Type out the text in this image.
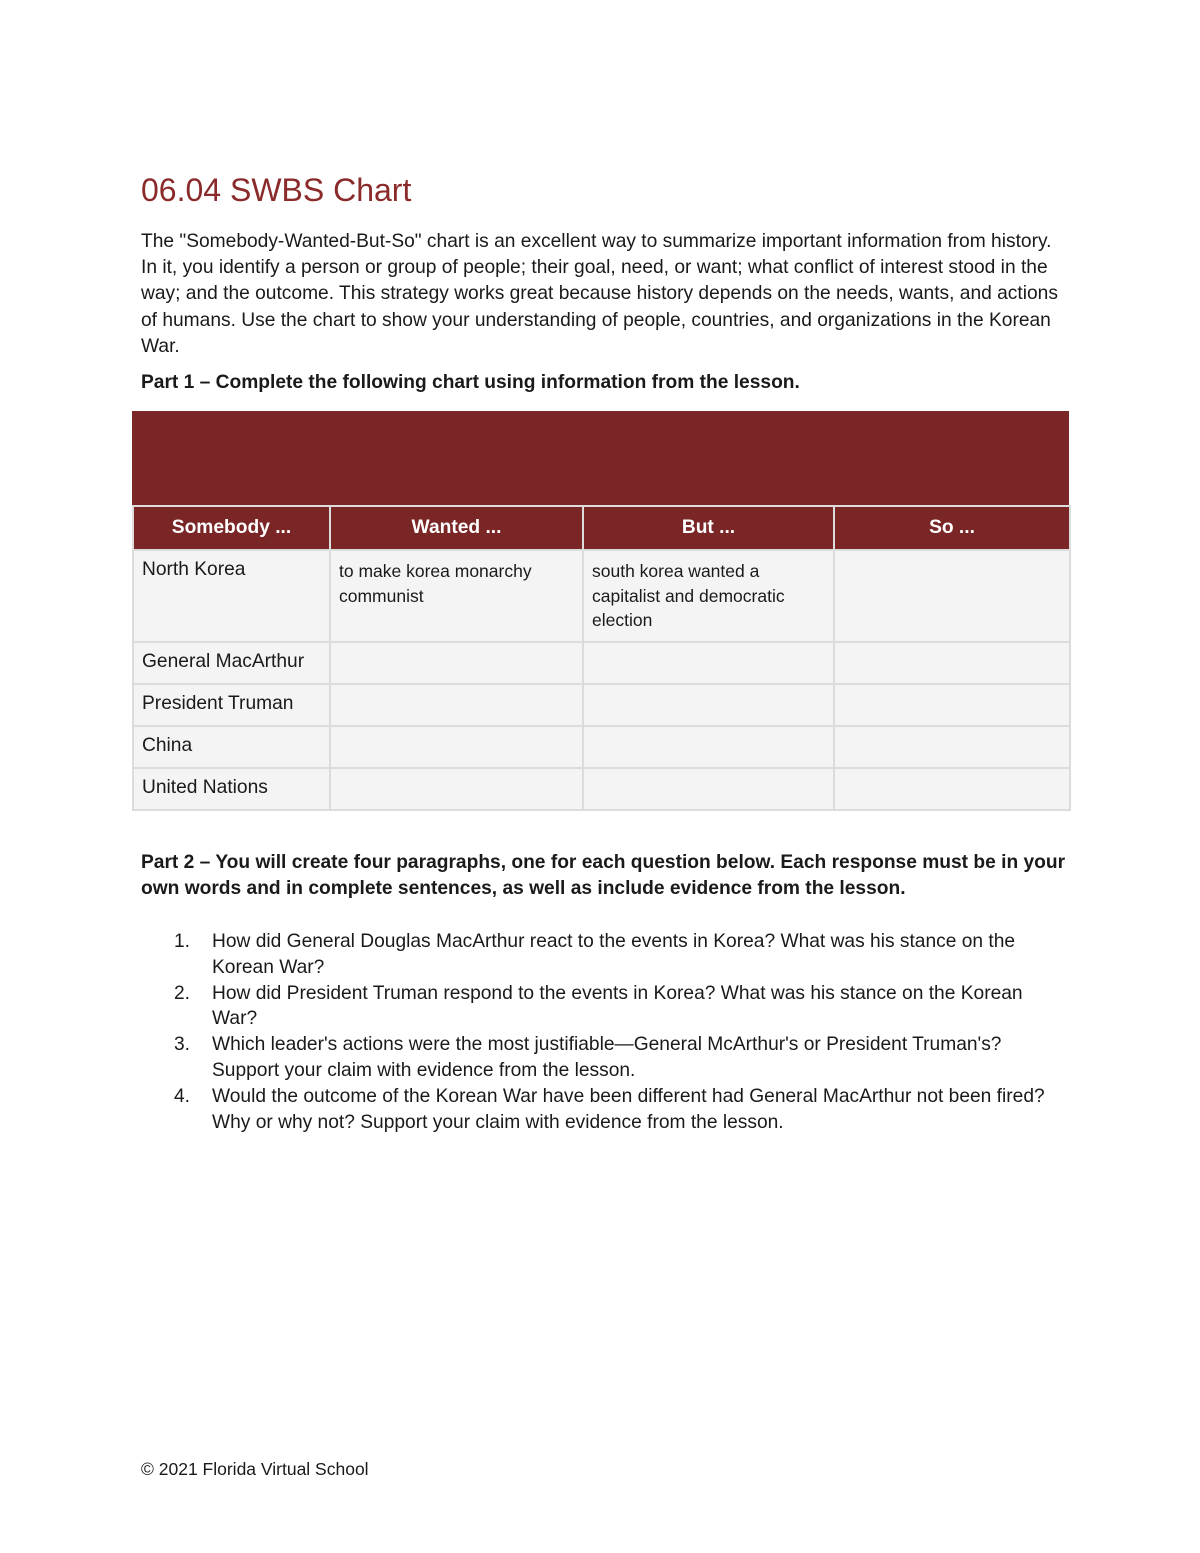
06.04 SWBS Chart

The "Somebody-Wanted-But-So" chart is an excellent way to summarize important information from history. In it, you identify a person or group of people; their goal, need, or want; what conflict of interest stood in the way; and the outcome. This strategy works great because history depends on the needs, wants, and actions of humans. Use the chart to show your understanding of people, countries, and organizations in the Korean War.

Part 1 – Complete the following chart using information from the lesson.

Somebody ...	Wanted ...	But ...	So ...
North Korea	to make korea monarchy communist	south korea wanted a capitalist and democratic election	
General MacArthur			
President Truman			
China			
United Nations			

Part 2 – You will create four paragraphs, one for each question below. Each response must be in your own words and in complete sentences, as well as include evidence from the lesson.

1. How did General Douglas MacArthur react to the events in Korea? What was his stance on the Korean War?
2. How did President Truman respond to the events in Korea? What was his stance on the Korean War?
3. Which leader's actions were the most justifiable—General McArthur's or President Truman's? Support your claim with evidence from the lesson.
4. Would the outcome of the Korean War have been different had General MacArthur not been fired? Why or why not? Support your claim with evidence from the lesson.

© 2021 Florida Virtual School
